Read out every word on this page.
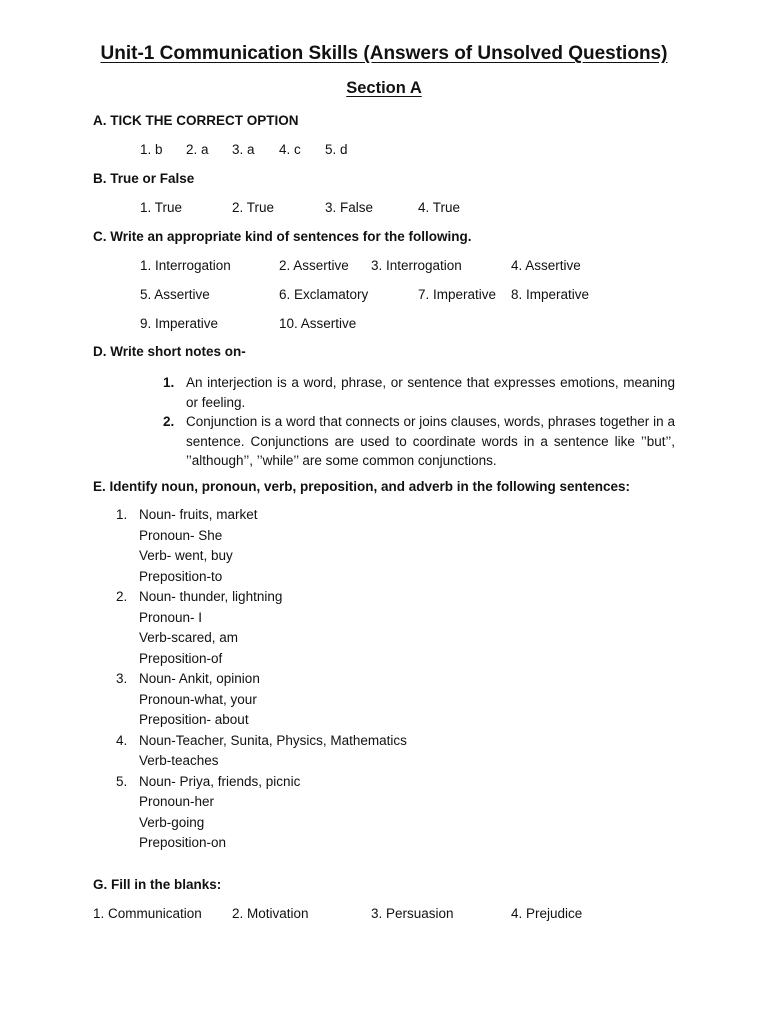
Unit-1 Communication Skills (Answers of Unsolved Questions)
Section A
A. TICK THE CORRECT OPTION
1. b 2. a 3. a 4. c 5. d
B. True or False
1. True	2. True	3. False	4. True
C. Write an appropriate kind of sentences for the following.
1. Interrogation	2. Assertive 3. Interrogation	4. Assertive
5. Assertive	6. Exclamatory	7. Imperative 8. Imperative
9. Imperative	10. Assertive
D. Write short notes on-
1. An interjection is a word, phrase, or sentence that expresses emotions, meaning or feeling.
2. Conjunction is a word that connects or joins clauses, words, phrases together in a sentence. Conjunctions are used to coordinate words in a sentence like ’’but’’, ’’although’’, ’’while’’ are some common conjunctions.
E. Identify noun, pronoun, verb, preposition, and adverb in the following sentences:
1. Noun- fruits, market
Pronoun- She
Verb- went, buy
Preposition-to
2. Noun- thunder, lightning
Pronoun- I
Verb-scared, am
Preposition-of
3. Noun- Ankit, opinion
Pronoun-what, your
Preposition- about
4. Noun-Teacher, Sunita, Physics, Mathematics
Verb-teaches
5. Noun- Priya, friends, picnic
Pronoun-her
Verb-going
Preposition-on
G. Fill in the blanks:
1. Communication 2. Motivation	3. Persuasion	4. Prejudice
